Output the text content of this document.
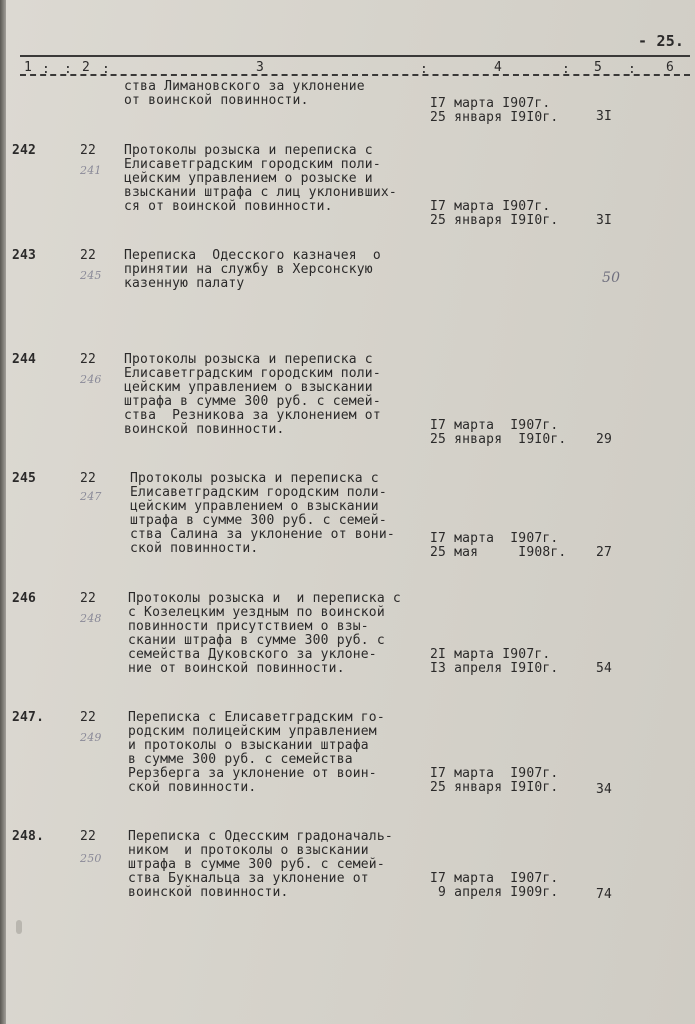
- 25.
1 : : 2 :	3	:	4	: 5 : 6
ства Лимановского за уклонение
от воинской повинности.	I7 марта I907г.
25 января I9I0г.	3I
242	22
241
Протоколы розыска и переписка с
Елисаветградским городским поли-
цейским управлением о розыске и
взыскании штрафа с лиц уклонивших-
ся от воинской повинности.	I7 марта I907г.
25 января I9I0г.	3I
243	22
245
Переписка  Одесского казначея  о
принятии на службу в Херсонскую
казенную палату	50
244	22
246
Протоколы розыска и переписка с
Елисаветградским городским поли-
цейским управлением о взыскании
штрафа в сумме 300 руб. с семей-
ства  Резникова за уклонением от
воинской повинности.	I7 марта  I907г.
25 января  I9I0г. 29
245	22
247
Протоколы розыска и переписка с
Елисаветградским городским поли-
цейским управлением о взыскании
штрафа в сумме 300 руб. с семей-
ства Салина за уклонение от вони-
ской повинности.
I7 марта  I907г.
25 мая     I908г. 27
246	22
248
Протоколы розыска и  и переписка с
с Козелецким уездным по воинской
повинности присутствием о взы-
скании штрафа в сумме 300 руб. с
семейства Дуковского за уклоне-
ние от воинской повинности.
2I марта I907г.
I3 апреля I9I0г.	54
247.	22
249
Переписка с Елисаветградским го-
родским полицейским управлением
и протоколы о взыскании штрафа
в сумме 300 руб. с семейства
Рерзберга за уклонение от воин-
ской повинности.
I7 марта  I907г.
25 января I9I0г.	34
248.	22
250
Переписка с Одесским градоначаль-
ником  и протоколы о взыскании
штрафа в сумме 300 руб. с семей-
ства Букнальца за уклонение от
воинской повинности.
I7 марта  I907г.
9 апреля I909г.	74
